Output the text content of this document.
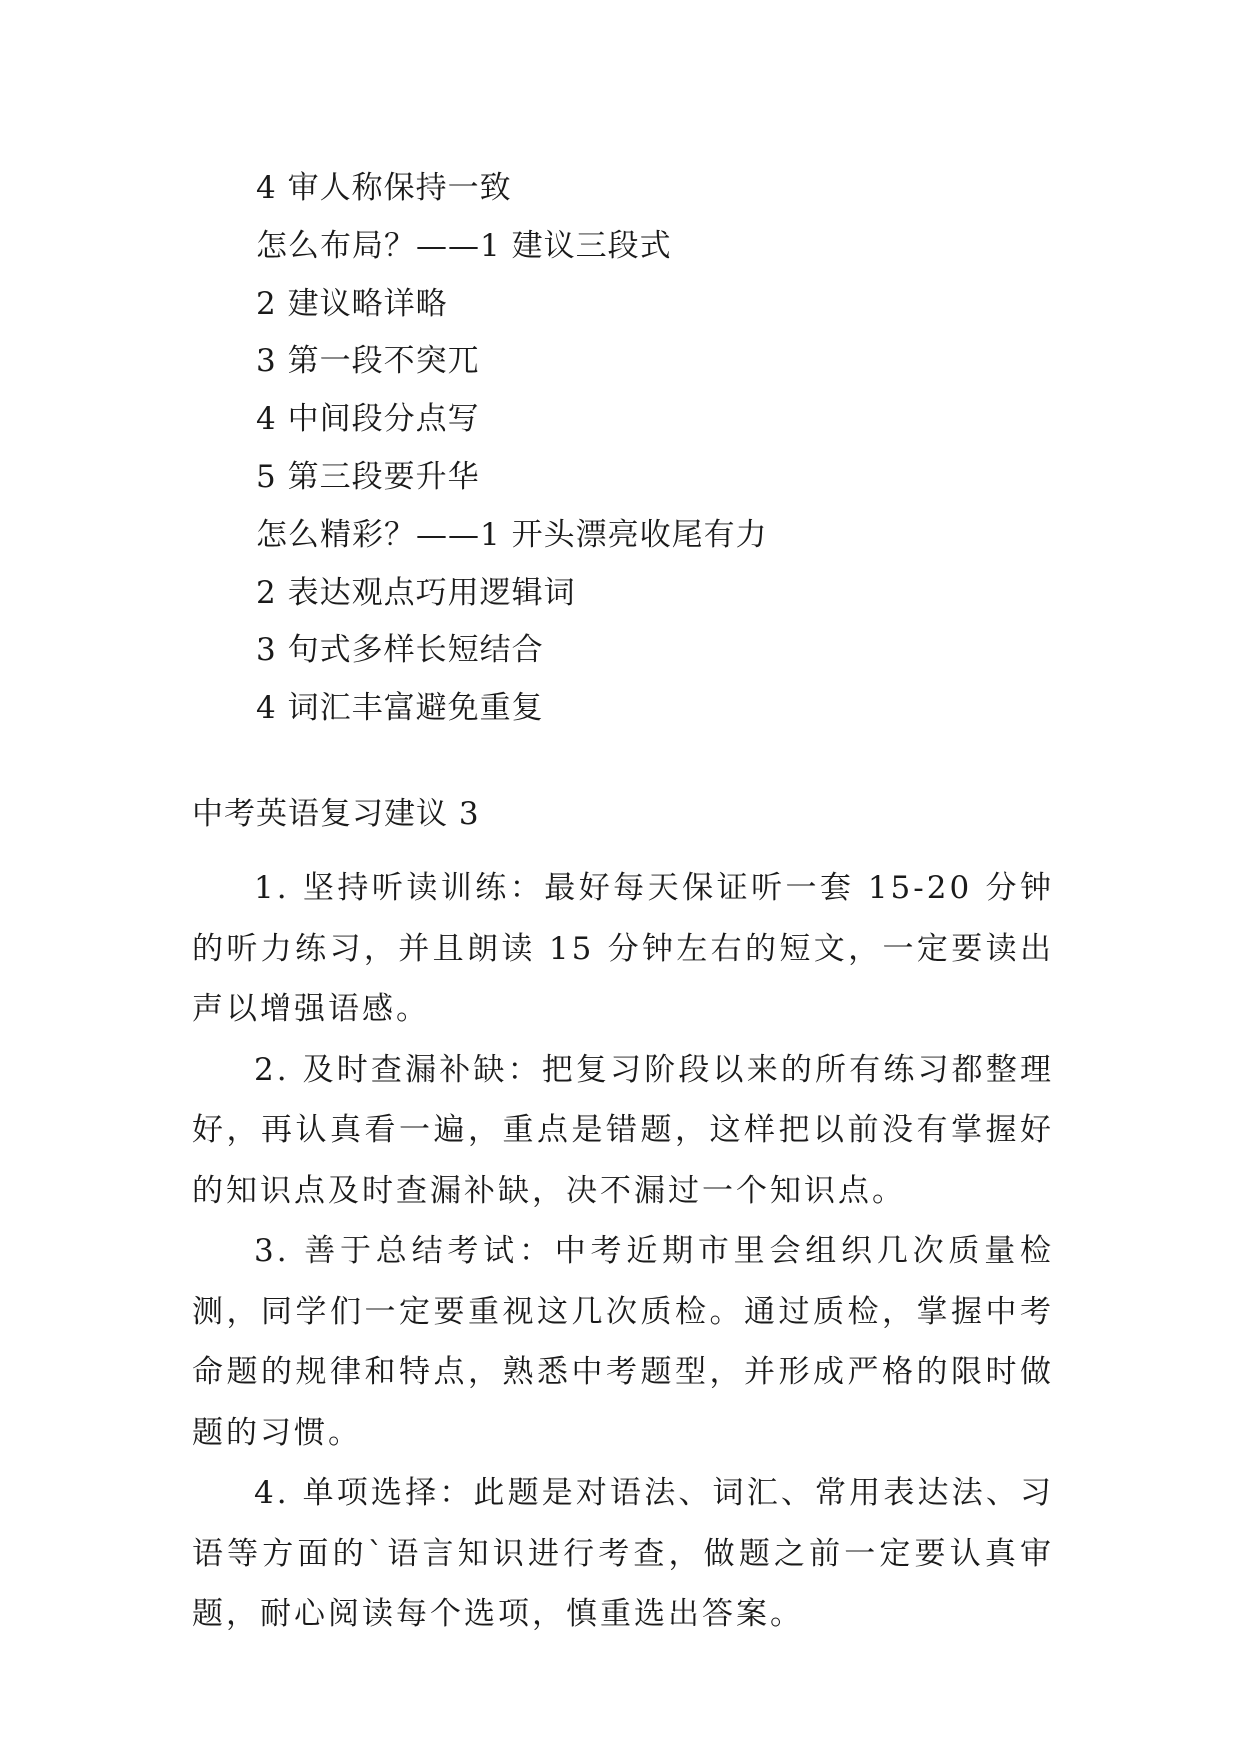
4 审人称保持一致
怎么布局？——1 建议三段式
2 建议略详略
3 第一段不突兀
4 中间段分点写
5 第三段要升华
怎么精彩？——1 开头漂亮收尾有力
2 表达观点巧用逻辑词
3 句式多样长短结合
4 词汇丰富避免重复
中考英语复习建议 3

1. 坚持听读训练：最好每天保证听一套 15-20 分钟的听力练习，并且朗读 15 分钟左右的短文，一定要读出声以增强语感。

2. 及时查漏补缺：把复习阶段以来的所有练习都整理好，再认真看一遍，重点是错题，这样把以前没有掌握好的知识点及时查漏补缺，决不漏过一个知识点。

3. 善于总结考试：中考近期市里会组织几次质量检测，同学们一定要重视这几次质检。通过质检，掌握中考命题的规律和特点，熟悉中考题型，并形成严格的限时做题的习惯。

4. 单项选择：此题是对语法、词汇、常用表达法、习语等方面的`语言知识进行考查，做题之前一定要认真审题，耐心阅读每个选项，慎重选出答案。
